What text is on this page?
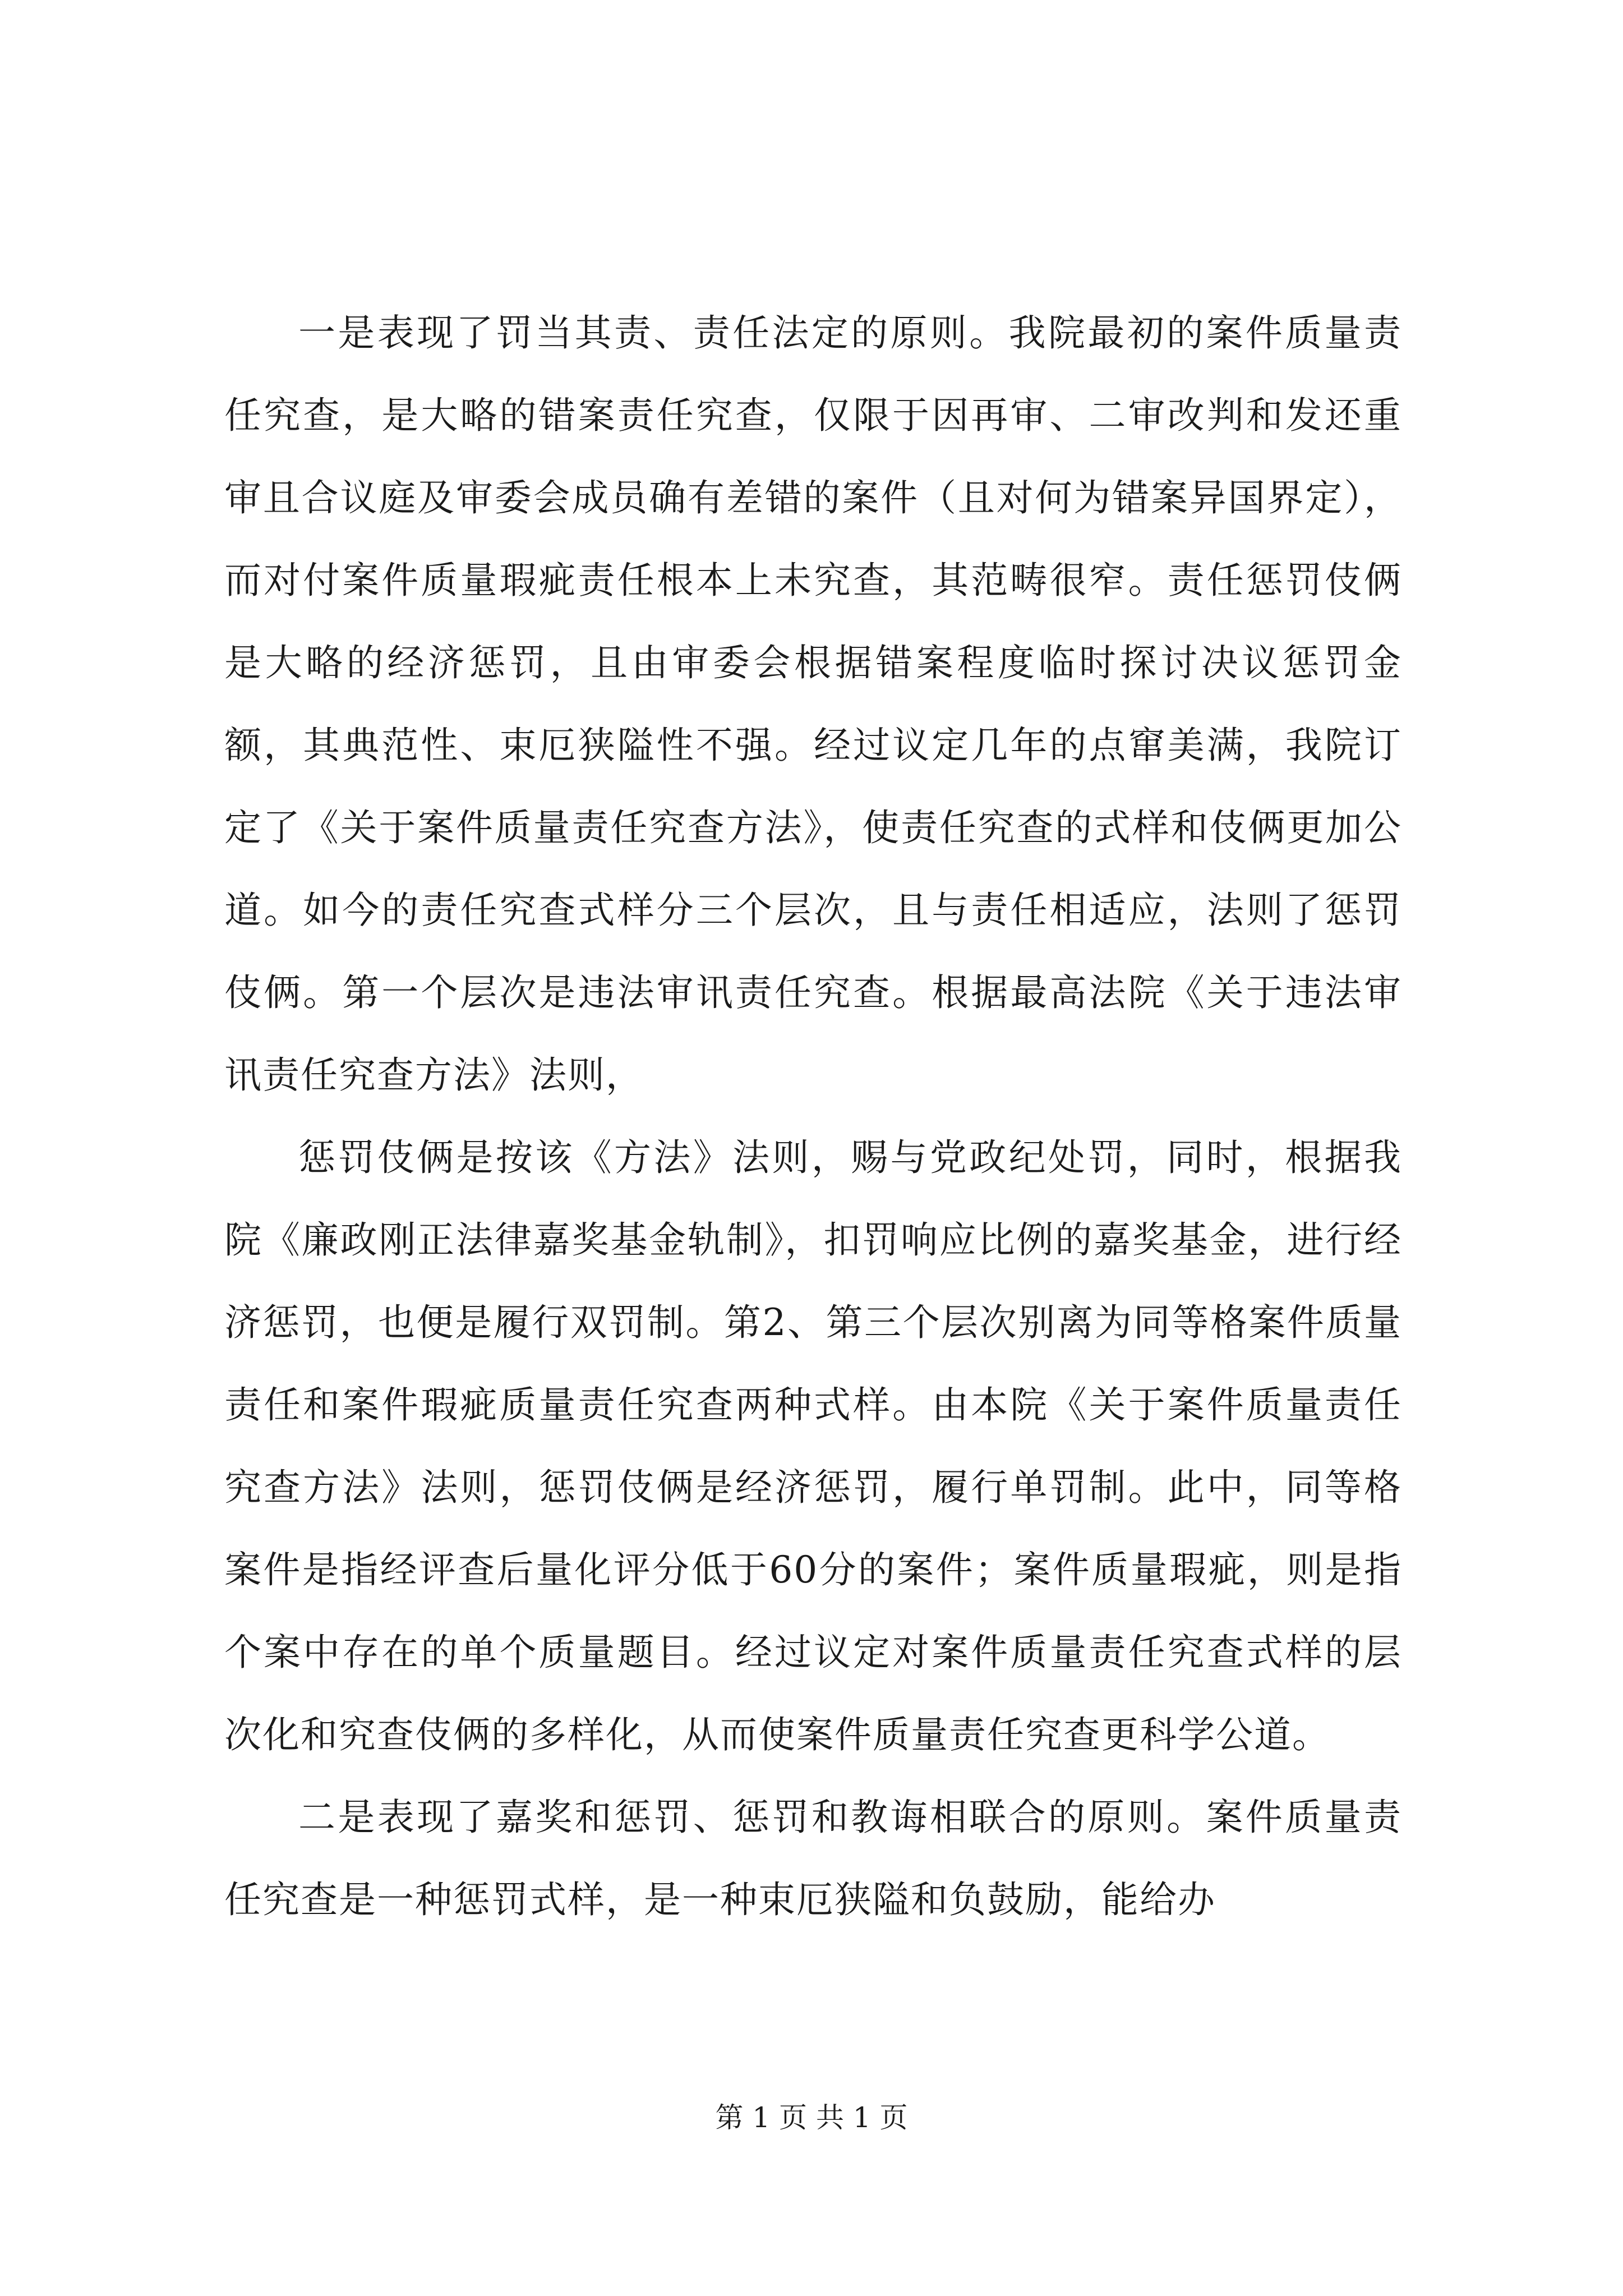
一是表现了罚当其责、责任法定的原则。我院最初的案件质量责任究查，是大略的错案责任究查，仅限于因再审、二审改判和发还重审且合议庭及审委会成员确有差错的案件（且对何为错案异国界定），而对付案件质量瑕疵责任根本上未究查，其范畴很窄。责任惩罚伎俩是大略的经济惩罚，且由审委会根据错案程度临时探讨决议惩罚金额，其典范性、束厄狭隘性不强。经过议定几年的点窜美满，我院订定了《关于案件质量责任究查方法》，使责任究查的式样和伎俩更加公道。如今的责任究查式样分三个层次，且与责任相适应，法则了惩罚伎俩。第一个层次是违法审讯责任究查。根据最高法院《关于违法审讯责任究查方法》法则，

惩罚伎俩是按该《方法》法则，赐与党政纪处罚，同时，根据我院《廉政刚正法律嘉奖基金轨制》，扣罚响应比例的嘉奖基金，进行经济惩罚，也便是履行双罚制。第2、第三个层次别离为同等格案件质量责任和案件瑕疵质量责任究查两种式样。由本院《关于案件质量责任究查方法》法则，惩罚伎俩是经济惩罚，履行单罚制。此中，同等格案件是指经评查后量化评分低于60分的案件；案件质量瑕疵，则是指个案中存在的单个质量题目。经过议定对案件质量责任究查式样的层次化和究查伎俩的多样化，从而使案件质量责任究查更科学公道。

二是表现了嘉奖和惩罚、惩罚和教诲相联合的原则。案件质量责任究查是一种惩罚式样，是一种束厄狭隘和负鼓励，能给办

第 1 页 共 1 页
